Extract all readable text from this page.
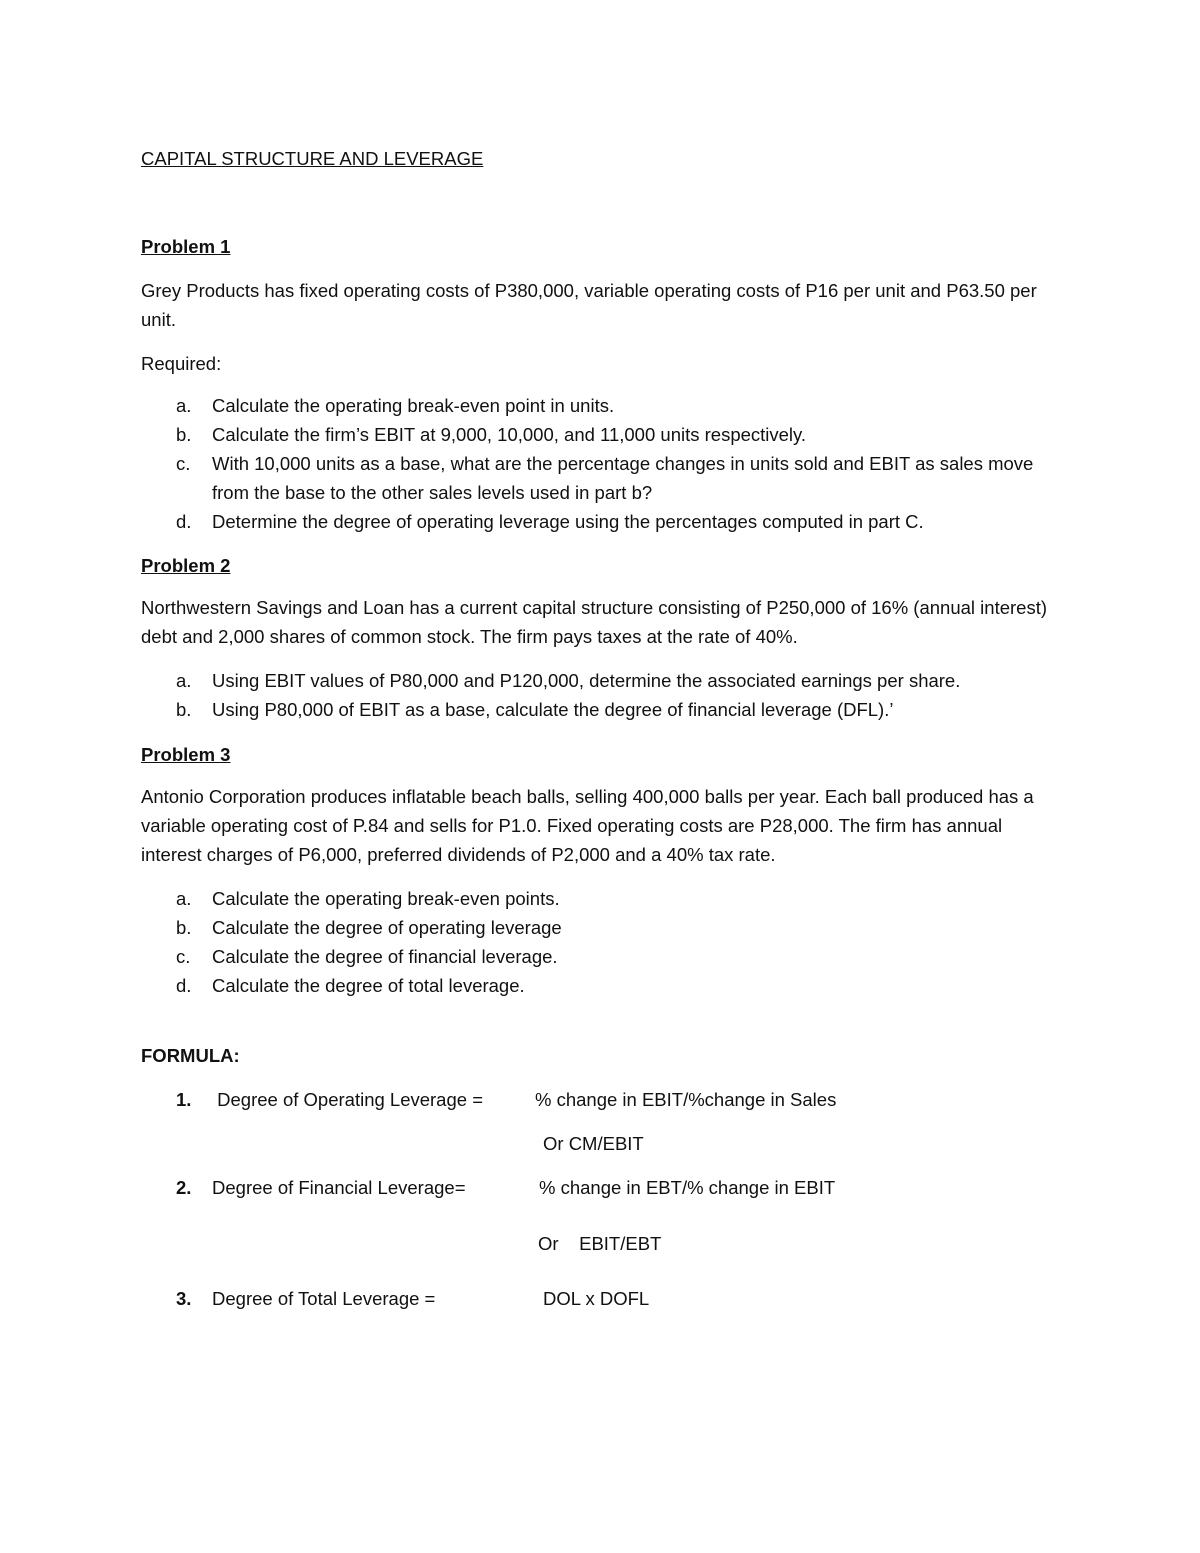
CAPITAL STRUCTURE AND LEVERAGE
Problem 1

Grey Products has fixed operating costs of P380,000, variable operating costs of P16 per unit and P63.50 per unit.

Required:

a. Calculate the operating break-even point in units.
b. Calculate the firm’s EBIT at 9,000, 10,000, and 11,000 units respectively.
c. With 10,000 units as a base, what are the percentage changes in units sold and EBIT as sales move from the base to the other sales levels used in part b?
d. Determine the degree of operating leverage using the percentages computed in part C.
Problem 2

Northwestern Savings and Loan has a current capital structure consisting of P250,000 of 16% (annual interest) debt and 2,000 shares of common stock. The firm pays taxes at the rate of 40%.

a. Using EBIT values of P80,000 and P120,000, determine the associated earnings per share.
b. Using P80,000 of EBIT as a base, calculate the degree of financial leverage (DFL).’
Problem 3

Antonio Corporation produces inflatable beach balls, selling 400,000 balls per year. Each ball produced has a variable operating cost of P.84 and sells for P1.0. Fixed operating costs are P28,000. The firm has annual interest charges of P6,000, preferred dividends of P2,000 and a 40% tax rate.

a. Calculate the operating break-even points.
b. Calculate the degree of operating leverage
c. Calculate the degree of financial leverage.
d. Calculate the degree of total leverage.
FORMULA:
1. Degree of Operating Leverage =	% change in EBIT/%change in Sales
Or CM/EBIT
2. Degree of Financial Leverage=	% change in EBT/% change in EBIT
Or    EBIT/EBT
3. Degree of Total Leverage =	DOL x DOFL
